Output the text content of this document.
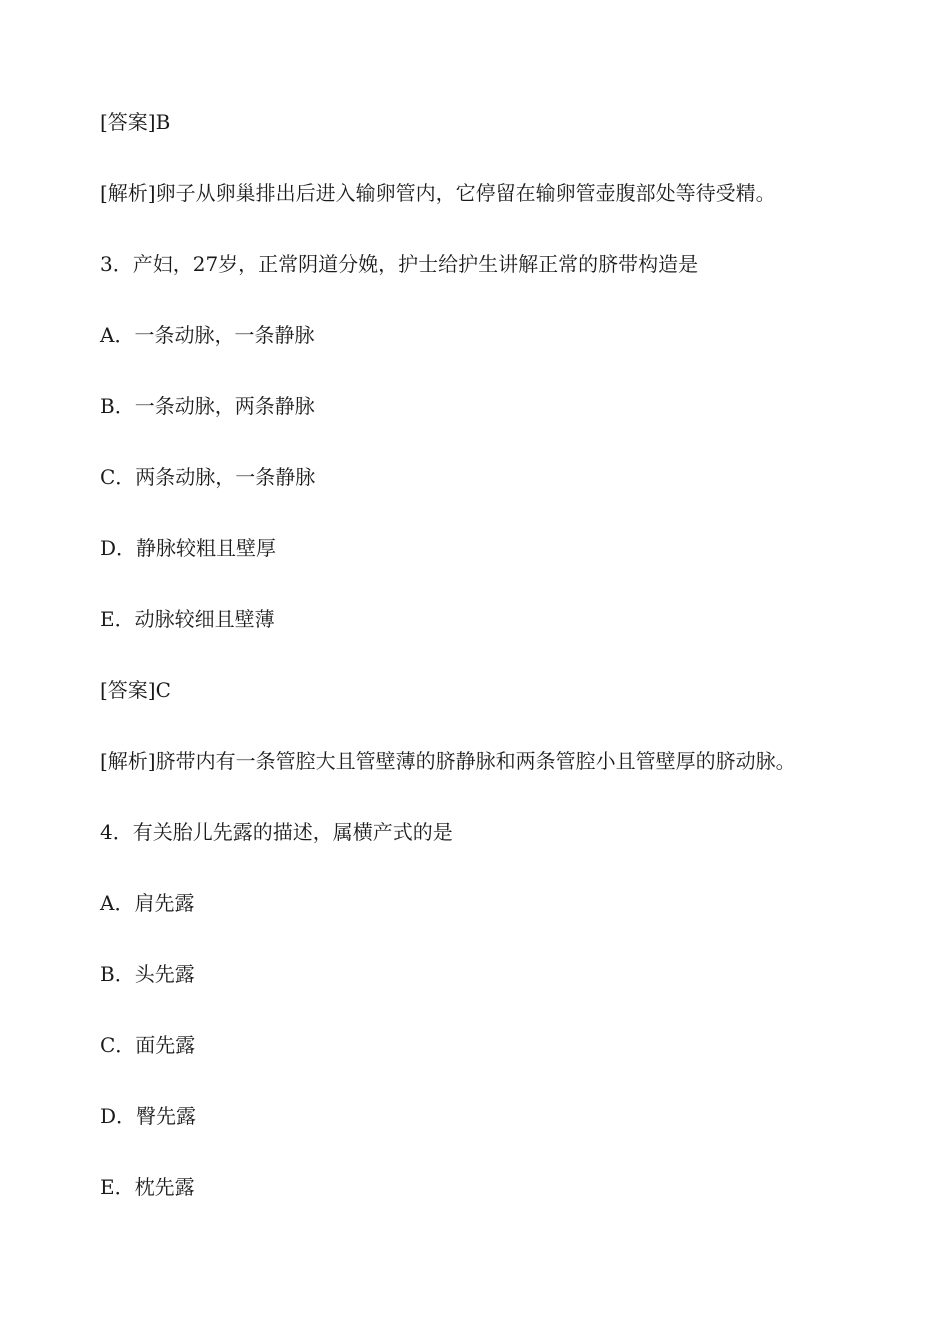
[答案]B
[解析]卵子从卵巢排出后进入输卵管内，它停留在输卵管壶腹部处等待受精。
3．产妇，27岁，正常阴道分娩，护士给护生讲解正常的脐带构造是
A．一条动脉，一条静脉
B．一条动脉，两条静脉
C．两条动脉，一条静脉
D．静脉较粗且壁厚
E．动脉较细且壁薄
[答案]C
[解析]脐带内有一条管腔大且管壁薄的脐静脉和两条管腔小且管壁厚的脐动脉。
4．有关胎儿先露的描述，属横产式的是
A．肩先露
B．头先露
C．面先露
D．臀先露
E．枕先露
